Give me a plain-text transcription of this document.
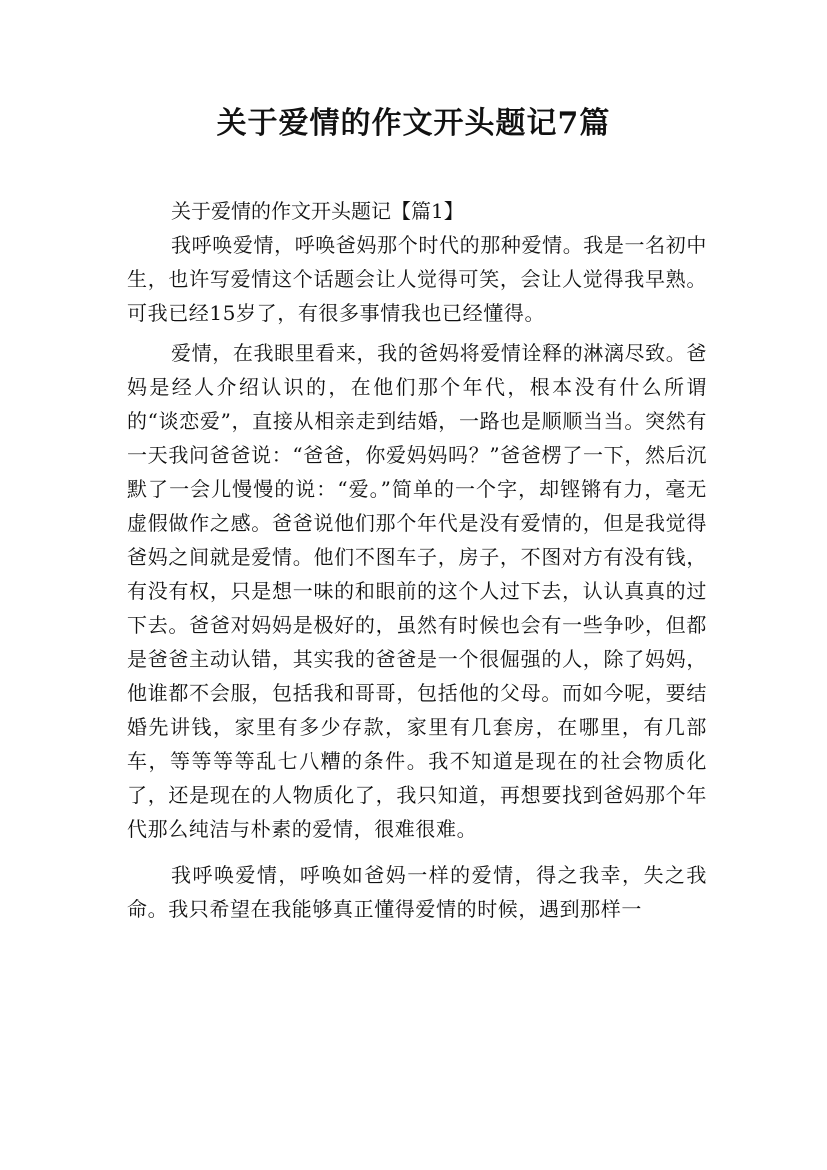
关于爱情的作文开头题记7篇

关于爱情的作文开头题记【篇1】

我呼唤爱情，呼唤爸妈那个时代的那种爱情。我是一名初中生，也许写爱情这个话题会让人觉得可笑，会让人觉得我早熟。可我已经15岁了，有很多事情我也已经懂得。

爱情，在我眼里看来，我的爸妈将爱情诠释的淋漓尽致。爸妈是经人介绍认识的，在他们那个年代，根本没有什么所谓的“谈恋爱”，直接从相亲走到结婚，一路也是顺顺当当。突然有一天我问爸爸说：“爸爸，你爱妈妈吗？”爸爸楞了一下，然后沉默了一会儿慢慢的说：“爱。”简单的一个字，却铿锵有力，毫无虚假做作之感。爸爸说他们那个年代是没有爱情的，但是我觉得爸妈之间就是爱情。他们不图车子，房子，不图对方有没有钱，有没有权，只是想一味的和眼前的这个人过下去，认认真真的过下去。爸爸对妈妈是极好的，虽然有时候也会有一些争吵，但都是爸爸主动认错，其实我的爸爸是一个很倔强的人，除了妈妈，他谁都不会服，包括我和哥哥，包括他的父母。而如今呢，要结婚先讲钱，家里有多少存款，家里有几套房，在哪里，有几部车，等等等等乱七八糟的条件。我不知道是现在的社会物质化了，还是现在的人物质化了，我只知道，再想要找到爸妈那个年代那么纯洁与朴素的爱情，很难很难。

我呼唤爱情，呼唤如爸妈一样的爱情，得之我幸，失之我命。我只希望在我能够真正懂得爱情的时候，遇到那样一
